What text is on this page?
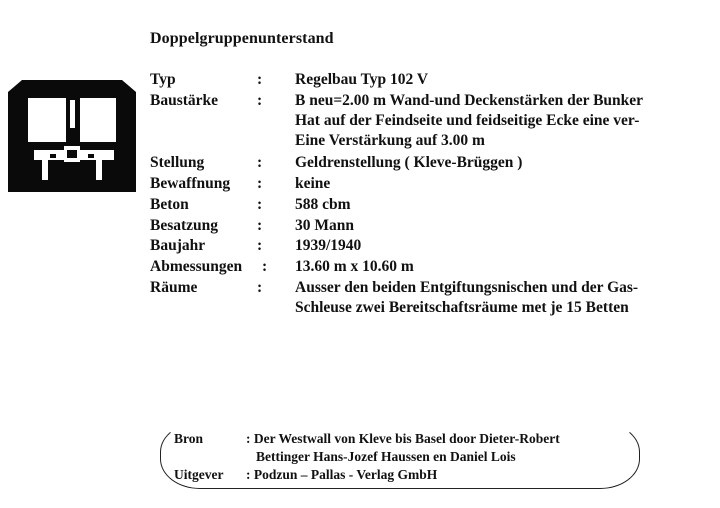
Doppelgruppenunterstand
Typ	: Regelbau Typ 102 V
Baustärke	: B neu=2.00 m Wand-und Deckenstärken der Bunker
Hat auf der Feindseite und feidseitige Ecke eine ver-
Eine Verstärkung auf 3.00 m
Stellung	: Geldrenstellung ( Kleve-Brüggen )
Bewaffnung : keine
Beton	: 588 cbm
Besatzung	: 30 Mann
Baujahr	: 1939/1940
Abmessungen : 13.60 m x 10.60 m
Räume	: Ausser den beiden Entgiftungsnischen und der Gas-
Schleuse zwei Bereitschaftsräume met je 15 Betten
Bron	: Der Westwall von Kleve bis Basel door Dieter-Robert
Bettinger Hans-Jozef Haussen en Daniel Lois
Uitgever : Podzun – Pallas - Verlag GmbH
